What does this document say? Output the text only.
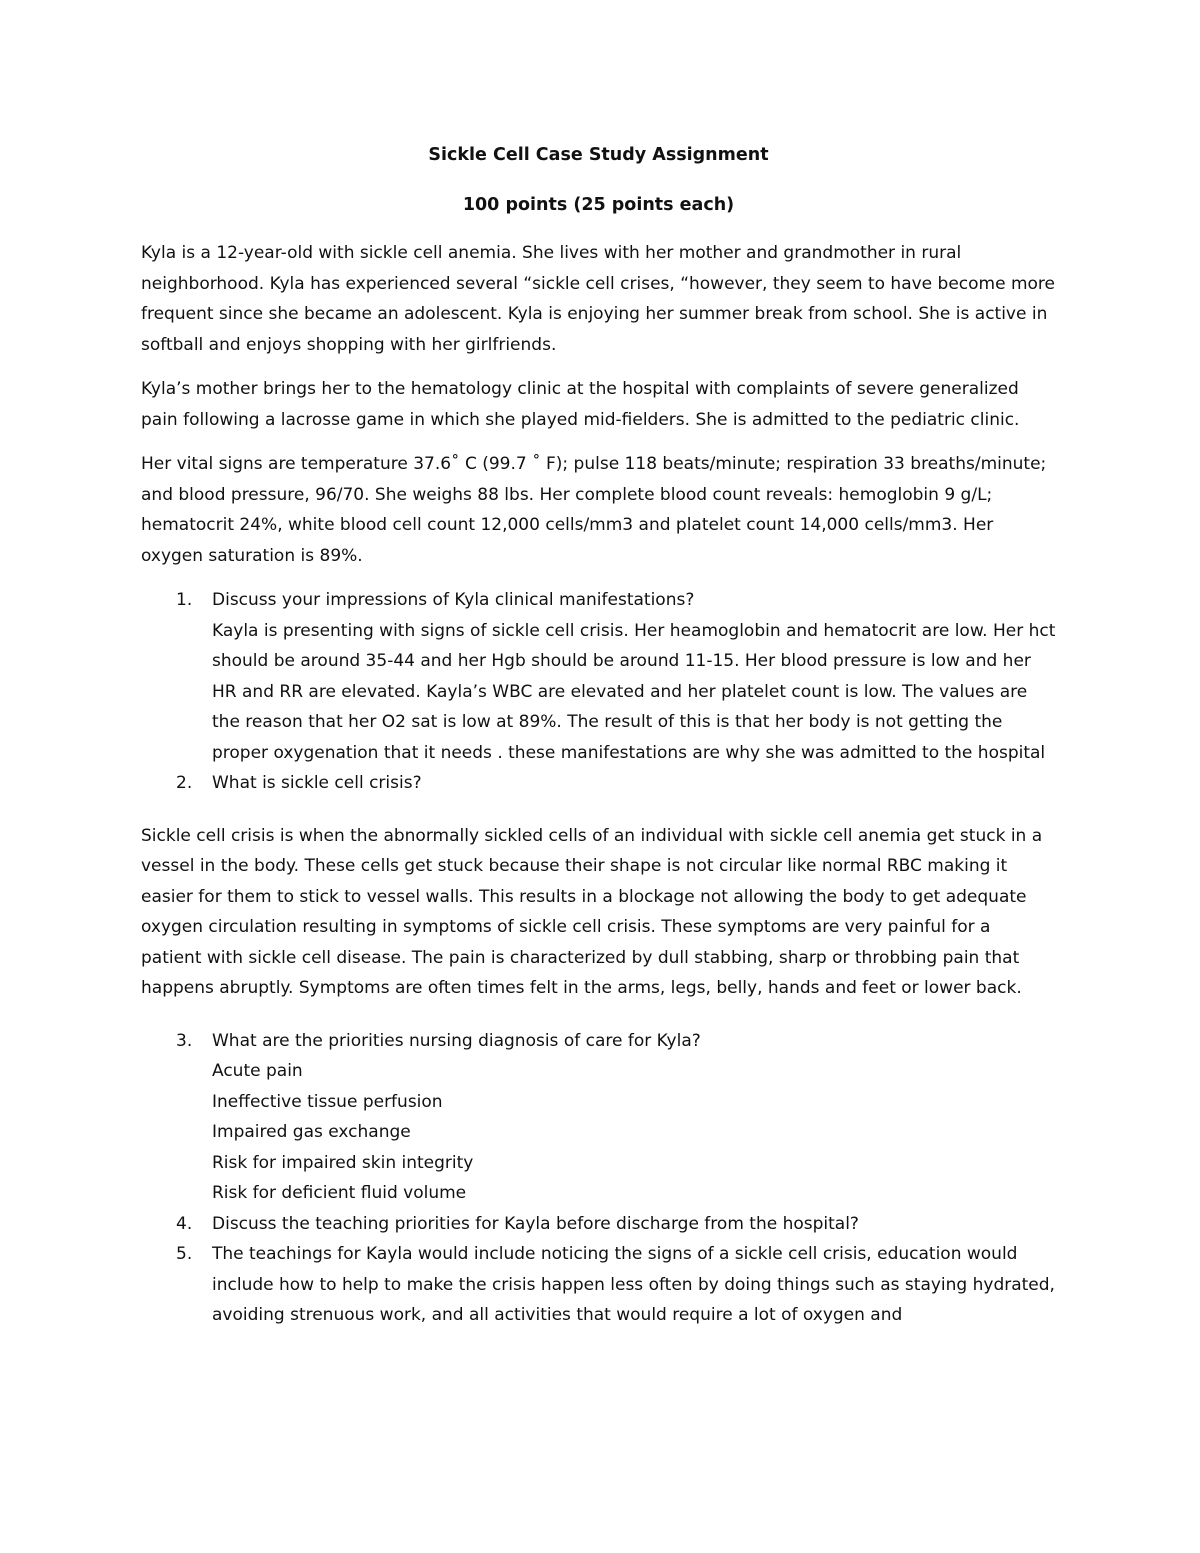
Sickle Cell Case Study Assignment

100 points (25 points each)

Kyla is a 12-year-old with sickle cell anemia. She lives with her mother and grandmother in rural neighborhood. Kyla has experienced several “sickle cell crises, “however, they seem to have become more frequent since she became an adolescent. Kyla is enjoying her summer break from school. She is active in softball and enjoys shopping with her girlfriends.

Kyla’s mother brings her to the hematology clinic at the hospital with complaints of severe generalized pain following a lacrosse game in which she played mid-fielders. She is admitted to the pediatric clinic.

Her vital signs are temperature 37.6˚ C (99.7 ˚ F); pulse 118 beats/minute; respiration 33 breaths/minute; and blood pressure, 96/70. She weighs 88 lbs. Her complete blood count reveals: hemoglobin 9 g/L; hematocrit 24%, white blood cell count 12,000 cells/mm3 and platelet count 14,000 cells/mm3. Her oxygen saturation is 89%.

1. Discuss your impressions of Kyla clinical manifestations?
Kayla is presenting with signs of sickle cell crisis. Her heamoglobin and hematocrit are low. Her hct should be around 35-44 and her Hgb should be around 11-15. Her blood pressure is low and her HR and RR are elevated. Kayla’s WBC are elevated and her platelet count is low. The values are the reason that her O2 sat is low at 89%. The result of this is that her body is not getting the proper oxygenation that it needs . these manifestations are why she was admitted to the hospital
2. What is sickle cell crisis?

Sickle cell crisis is when the abnormally sickled cells of an individual with sickle cell anemia get stuck in a vessel in the body. These cells get stuck because their shape is not circular like normal RBC making it easier for them to stick to vessel walls. This results in a blockage not allowing the body to get adequate oxygen circulation resulting in symptoms of sickle cell crisis. These symptoms are very painful for a patient with sickle cell disease. The pain is characterized by dull stabbing, sharp or throbbing pain that happens abruptly. Symptoms are often times felt in the arms, legs, belly, hands and feet or lower back.

3. What are the priorities nursing diagnosis of care for Kyla?
Acute pain
Ineffective tissue perfusion
Impaired gas exchange
Risk for impaired skin integrity
Risk for deficient fluid volume
4. Discuss the teaching priorities for Kayla before discharge from the hospital?
5. The teachings for Kayla would include noticing the signs of a sickle cell crisis, education would include how to help to make the crisis happen less often by doing things such as staying hydrated, avoiding strenuous work, and all activities that would require a lot of oxygen and
